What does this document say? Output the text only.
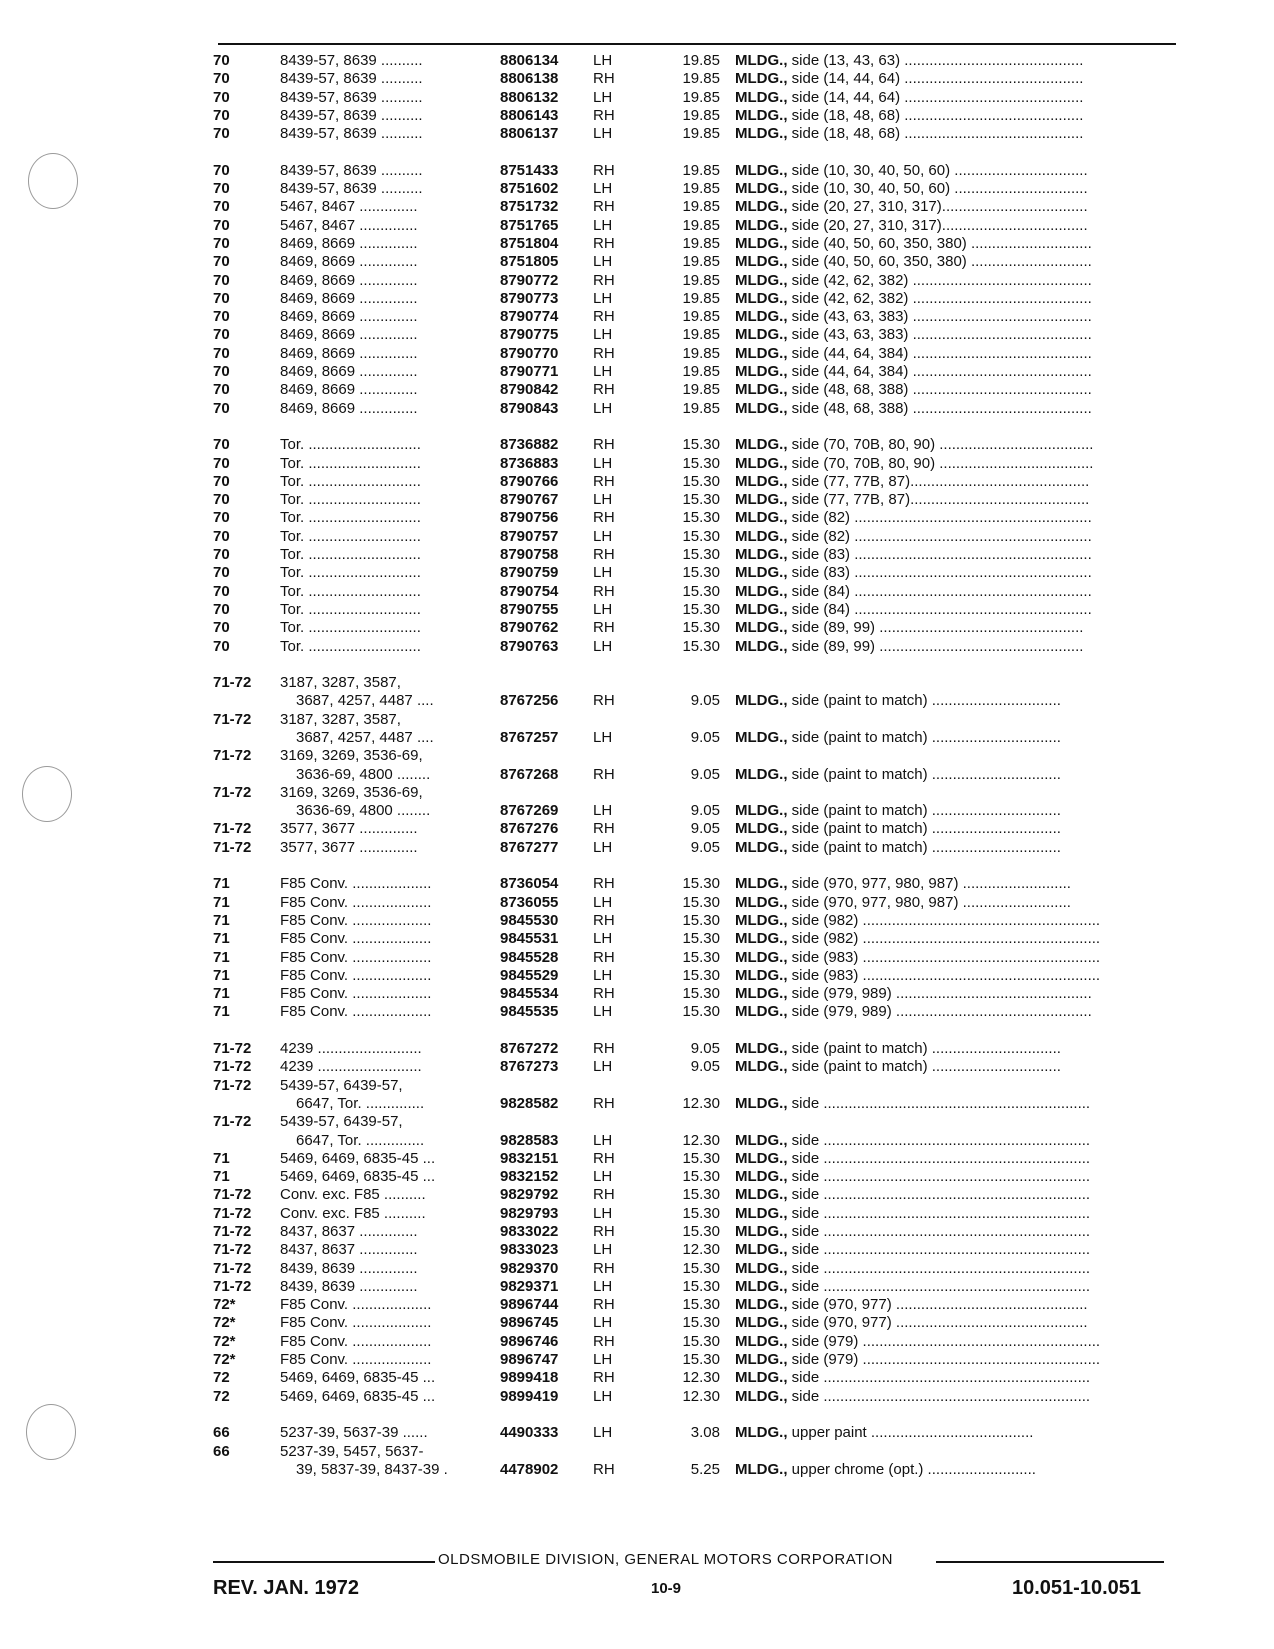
70	8439-57, 8639 ..........	8806134 LH	19.85 MLDG., side (13, 43, 63) ...........................................
70	8439-57, 8639 ..........	8806138 RH	19.85 MLDG., side (14, 44, 64) ...........................................
70	8439-57, 8639 ..........	8806132 LH	19.85 MLDG., side (14, 44, 64) ...........................................
70	8439-57, 8639 ..........	8806143 RH	19.85 MLDG., side (18, 48, 68) ...........................................
70	8439-57, 8639 ..........	8806137 LH	19.85 MLDG., side (18, 48, 68) ...........................................
70	8439-57, 8639 ..........	8751433 RH	19.85 MLDG., side (10, 30, 40, 50, 60) ................................
70	8439-57, 8639 ..........	8751602 LH	19.85 MLDG., side (10, 30, 40, 50, 60) ................................
70	5467, 8467 ..............	8751732 RH	19.85 MLDG., side (20, 27, 310, 317)...................................
70	5467, 8467 ..............	8751765 LH	19.85 MLDG., side (20, 27, 310, 317)...................................
70	8469, 8669 ..............	8751804 RH	19.85 MLDG., side (40, 50, 60, 350, 380) .............................
70	8469, 8669 ..............	8751805 LH	19.85 MLDG., side (40, 50, 60, 350, 380) .............................
70	8469, 8669 ..............	8790772 RH	19.85 MLDG., side (42, 62, 382) ...........................................
70	8469, 8669 ..............	8790773 LH	19.85 MLDG., side (42, 62, 382) ...........................................
70	8469, 8669 ..............	8790774 RH	19.85 MLDG., side (43, 63, 383) ...........................................
70	8469, 8669 ..............	8790775 LH	19.85 MLDG., side (43, 63, 383) ...........................................
70	8469, 8669 ..............	8790770 RH	19.85 MLDG., side (44, 64, 384) ...........................................
70	8469, 8669 ..............	8790771 LH	19.85 MLDG., side (44, 64, 384) ...........................................
70	8469, 8669 ..............	8790842 RH	19.85 MLDG., side (48, 68, 388) ...........................................
70	8469, 8669 ..............	8790843 LH	19.85 MLDG., side (48, 68, 388) ...........................................
70	Tor. ...........................	8736882 RH	15.30 MLDG., side (70, 70B, 80, 90) .....................................
70	Tor. ...........................	8736883 LH	15.30 MLDG., side (70, 70B, 80, 90) .....................................
70	Tor. ...........................	8790766 RH	15.30 MLDG., side (77, 77B, 87)...........................................
70	Tor. ...........................	8790767 LH	15.30 MLDG., side (77, 77B, 87)...........................................
70	Tor. ...........................	8790756 RH	15.30 MLDG., side (82) .........................................................
70	Tor. ...........................	8790757 LH	15.30 MLDG., side (82) .........................................................
70	Tor. ...........................	8790758 RH	15.30 MLDG., side (83) .........................................................
70	Tor. ...........................	8790759 LH	15.30 MLDG., side (83) .........................................................
70	Tor. ...........................	8790754 RH	15.30 MLDG., side (84) .........................................................
70	Tor. ...........................	8790755 LH	15.30 MLDG., side (84) .........................................................
70	Tor. ...........................	8790762 RH	15.30 MLDG., side (89, 99) .................................................
70	Tor. ...........................	8790763 LH	15.30 MLDG., side (89, 99) .................................................
71-72 3187, 3287, 3587,
3687, 4257, 4487 ....	8767256 RH	9.05 MLDG., side (paint to match) ...............................
71-72 3187, 3287, 3587,
3687, 4257, 4487 ....	8767257 LH	9.05 MLDG., side (paint to match) ...............................
71-72 3169, 3269, 3536-69,
3636-69, 4800 ........	8767268 RH	9.05 MLDG., side (paint to match) ...............................
71-72 3169, 3269, 3536-69,
3636-69, 4800 ........	8767269 LH	9.05 MLDG., side (paint to match) ...............................
71-72 3577, 3677 ..............	8767276 RH	9.05 MLDG., side (paint to match) ...............................
71-72 3577, 3677 ..............	8767277 LH	9.05 MLDG., side (paint to match) ...............................
71	F85 Conv. ...................	8736054 RH	15.30 MLDG., side (970, 977, 980, 987) ..........................
71	F85 Conv. ...................	8736055 LH	15.30 MLDG., side (970, 977, 980, 987) ..........................
71	F85 Conv. ...................	9845530 RH	15.30 MLDG., side (982) .........................................................
71	F85 Conv. ...................	9845531 LH	15.30 MLDG., side (982) .........................................................
71	F85 Conv. ...................	9845528 RH	15.30 MLDG., side (983) .........................................................
71	F85 Conv. ...................	9845529 LH	15.30 MLDG., side (983) .........................................................
71	F85 Conv. ...................	9845534 RH	15.30 MLDG., side (979, 989) ...............................................
71	F85 Conv. ...................	9845535 LH	15.30 MLDG., side (979, 989) ...............................................
71-72 4239 .........................	8767272 RH	9.05 MLDG., side (paint to match) ...............................
71-72 4239 .........................	8767273 LH	9.05 MLDG., side (paint to match) ...............................
71-72 5439-57, 6439-57,
6647, Tor. ..............	9828582 RH	12.30 MLDG., side ................................................................
71-72 5439-57, 6439-57,
6647, Tor. ..............	9828583 LH	12.30 MLDG., side ................................................................
71	5469, 6469, 6835-45 ...	9832151 RH	15.30 MLDG., side ................................................................
71	5469, 6469, 6835-45 ...	9832152 LH	15.30 MLDG., side ................................................................
71-72 Conv. exc. F85 ..........	9829792 RH	15.30 MLDG., side ................................................................
71-72 Conv. exc. F85 ..........	9829793 LH	15.30 MLDG., side ................................................................
71-72 8437, 8637 ..............	9833022 RH	15.30 MLDG., side ................................................................
71-72 8437, 8637 ..............	9833023 LH	12.30 MLDG., side ................................................................
71-72 8439, 8639 ..............	9829370 RH	15.30 MLDG., side ................................................................
71-72 8439, 8639 ..............	9829371 LH	15.30 MLDG., side ................................................................
72*	F85 Conv. ...................	9896744 RH	15.30 MLDG., side (970, 977) ..............................................
72*	F85 Conv. ...................	9896745 LH	15.30 MLDG., side (970, 977) ..............................................
72*	F85 Conv. ...................	9896746 RH	15.30 MLDG., side (979) .........................................................
72*	F85 Conv. ...................	9896747 LH	15.30 MLDG., side (979) .........................................................
72	5469, 6469, 6835-45 ...	9899418 RH	12.30 MLDG., side ................................................................
72	5469, 6469, 6835-45 ...	9899419 LH	12.30 MLDG., side ................................................................
66	5237-39, 5637-39 ......	4490333 LH	3.08 MLDG., upper paint .......................................
66	5237-39, 5457, 5637-
39, 5837-39, 8437-39 .	4478902 RH	5.25 MLDG., upper chrome (opt.) ..........................
OLDSMOBILE DIVISION, GENERAL MOTORS CORPORATION
REV. JAN. 1972	10-9	10.051-10.051
